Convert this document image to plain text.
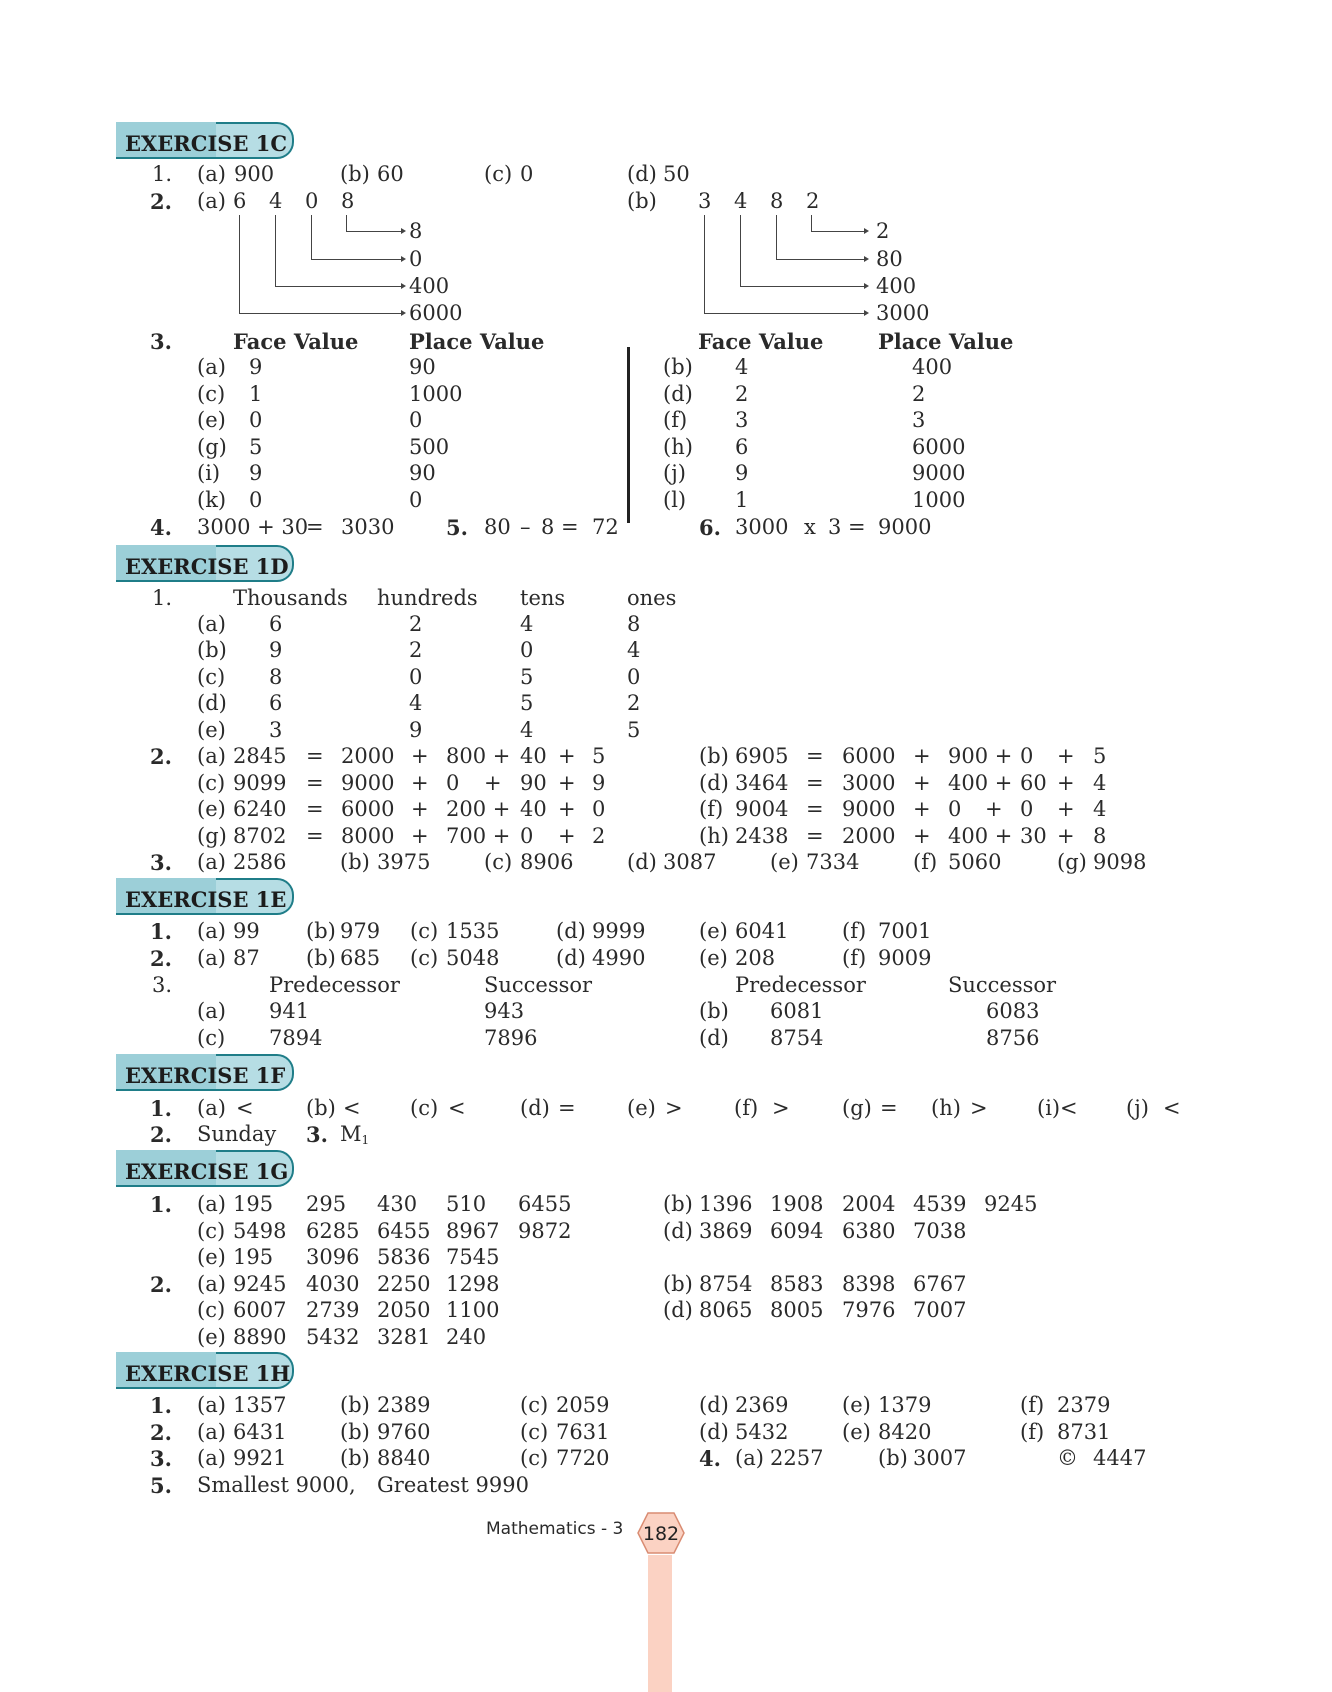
EXERCISE 1C
1. (a) 900	(b) 60	(c) 0	(d) 50
2. (a) 6 4 0 8
8
0
400
6000
(b) 3 4 8 2
2
80
400
3000
3.	Face Value Place Value	Face Value	Place Value
(a) 9	90
(c) 1	1000
(e) 0	0
(g) 5	500
(i) 9	90
(k) 0	0
(b) 4	400
(d) 2	2
(f) 3	3
(h) 6	6000
(j) 9	9000
(l) 1	1000
4. 3000 + 30
= 3030 5. 80 – 8 = 72	6. 3000 x 3 = 9000
EXERCISE 1D
1.	Thousands hundreds tens	ones
(a) 6	2	4	8
(b) 9	2	0	4
(c) 8	0	5	0
(d) 6	4	5	2
(e) 3	9	4	5
2. (a) 2845 = 2000 + 800 + 40 + 5	(b) 6905 = 6000 + 900 + 0 + 5
(c) 9099 = 9000 + 0 + 90 + 9	(d) 3464 = 3000 + 400 + 60 + 4
(e) 6240 = 6000 + 200 + 40 + 0	(f) 9004 = 9000 + 0 + 0 + 4
(g) 8702 = 8000 + 700 + 0 + 2	(h) 2438 = 2000 + 400 + 30 + 8
3. (a) 2586	(b) 3975	(c) 8906	(d) 3087	(e) 7334	(f) 5060	(g) 9098
EXERCISE 1E
1. (a) 99 (b) 979 (c) 1535	(d) 9999	(e) 6041	(f) 7001
2. (a) 87 (b) 685 (c) 5048	(d) 4990	(e) 208	(f) 9009
3.	Predecessor	Successor	Predecessor	Successor
(a) 941	943	(b) 6081	6083
(c) 7894	7896	(d) 8754	8756
EXERCISE 1F
1. (a) < (b) < (c) <	(d) = (e) > (f) > (g) = (h) > (i) < (j) <
2. Sunday 3. $M_1$
EXERCISE 1G
1. (a) 195 295 430 510 6455	(b) 1396 1908 2004 4539 9245
(c) 5498 6285 6455 8967 9872	(d) 3869 6094 6380 7038
(e) 195 3096 5836 7545
2. (a) 9245 4030 2250 1298	(b) 8754 8583 8398 6767
(c) 6007 2739 2050 1100	(d) 8065 8005 7976 7007
(e) 8890 5432 3281 240
EXERCISE 1H
1. (a) 1357	(b) 2389	(c) 2059	(d) 2369	(e) 1379	(f) 2379
2. (a) 6431	(b) 9760	(c) 7631	(d) 5432	(e) 8420	(f) 8731
3. (a) 9921	(b) 8840	(c) 7720	4. (a) 2257	(b) 3007	© 4447
5. Smallest 9000, Greatest 9990
Mathematics - 3 182
